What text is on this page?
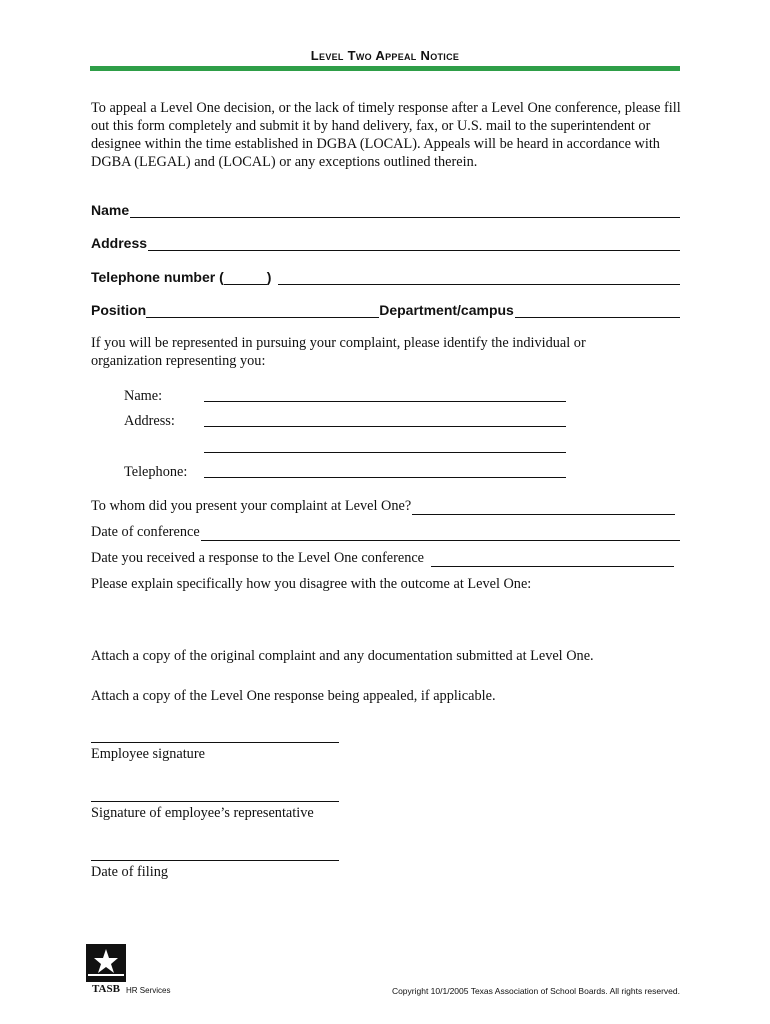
Level Two Appeal Notice
To appeal a Level One decision, or the lack of timely response after a Level One conference, please fill out this form completely and submit it by hand delivery, fax, or U.S. mail to the superintendent or designee within the time established in DGBA (LOCAL). Appeals will be heard in accordance with DGBA (LEGAL) and (LOCAL) or any exceptions outlined therein.
Name
Address
Telephone number (	)
Position	Department/campus
If you will be represented in pursuing your complaint, please identify the individual or organization representing you:
Name:
Address:
Telephone:
To whom did you present your complaint at Level One?
Date of conference
Date you received a response to the Level One conference
Please explain specifically how you disagree with the outcome at Level One:
Attach a copy of the original complaint and any documentation submitted at Level One.
Attach a copy of the Level One response being appealed, if applicable.
Employee signature
Signature of employee’s representative
Date of filing
TASB HR Services	Copyright 10/1/2005 Texas Association of School Boards. All rights reserved.
